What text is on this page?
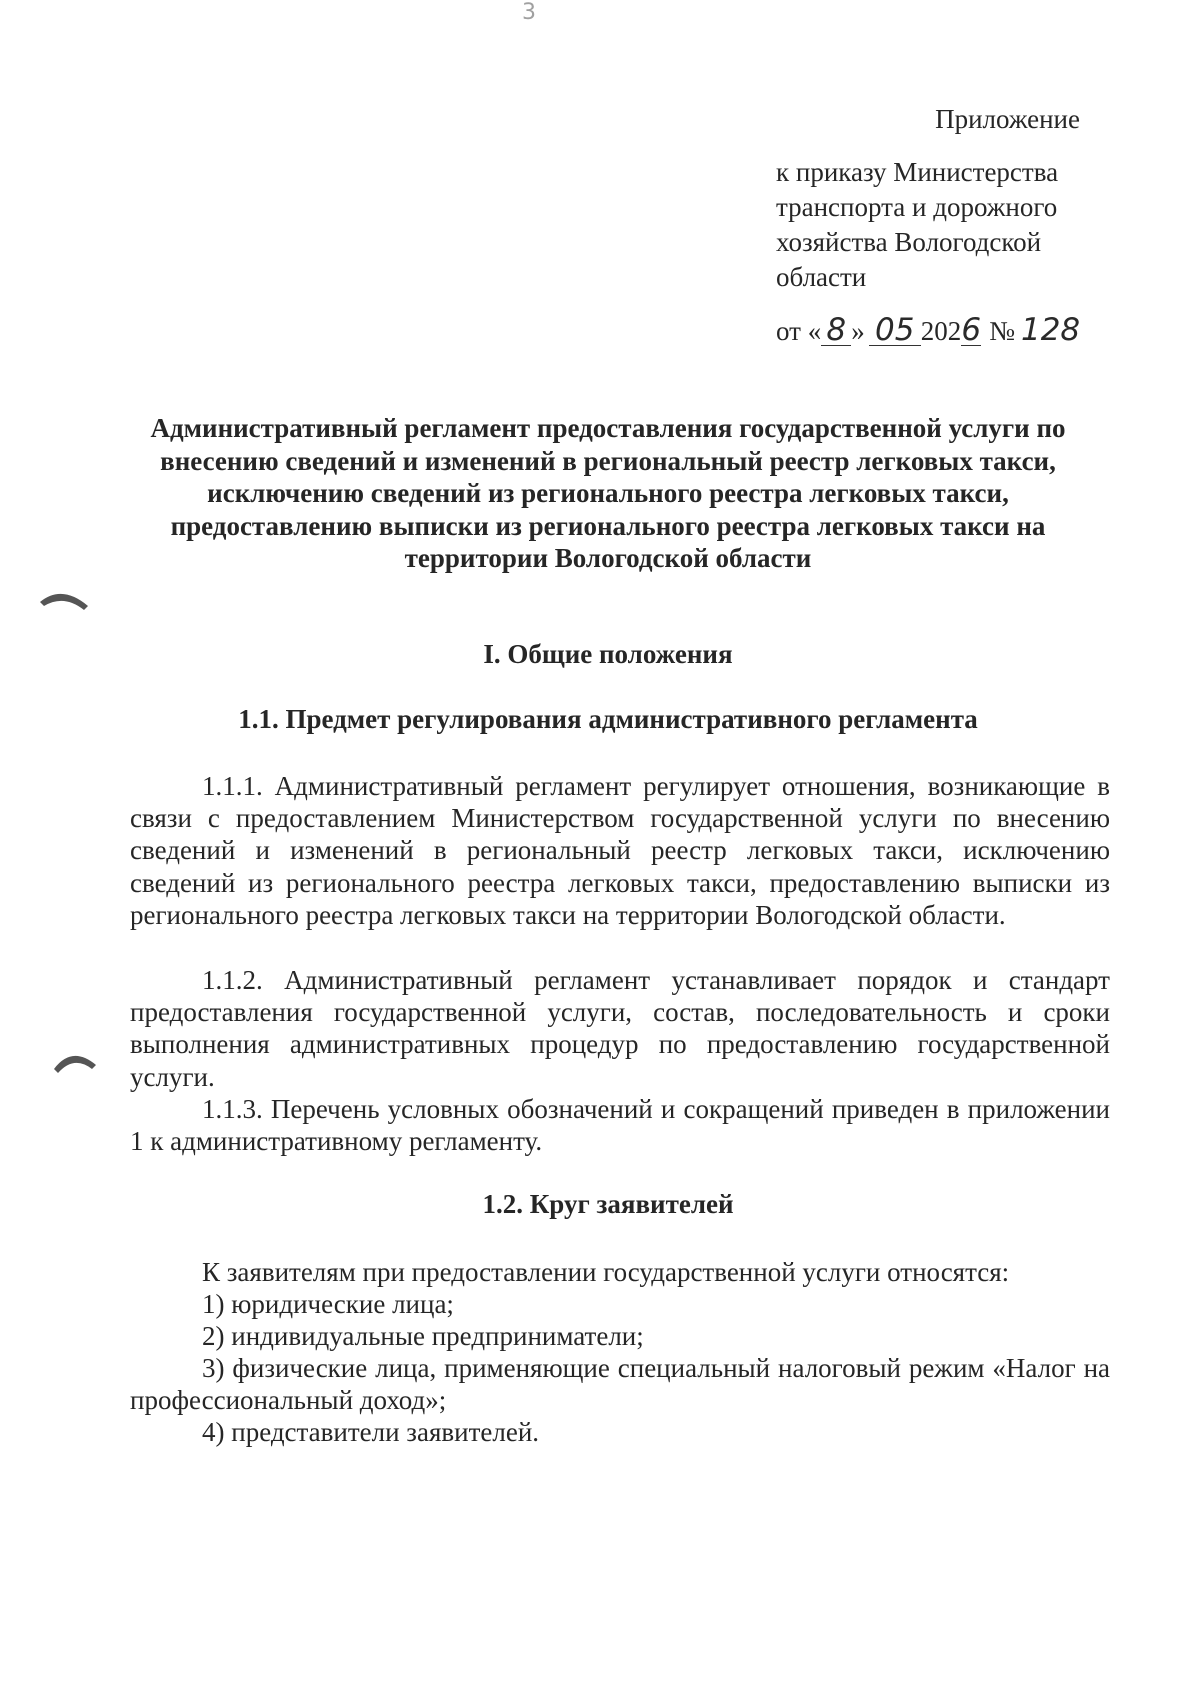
3
Приложение
к приказу Министерства
транспорта и дорожного
хозяйства Вологодской
области
от « 8 » 05 202 6 № 128
Административный регламент предоставления государственной услуги по внесению сведений и изменений в региональный реестр легковых такси, исключению сведений из регионального реестра легковых такси, предоставлению выписки из регионального реестра легковых такси на территории Вологодской области
I. Общие положения
1.1. Предмет регулирования административного регламента
1.1.1. Административный регламент регулирует отношения, возникающие в связи с предоставлением Министерством государственной услуги по внесению сведений и изменений в региональный реестр легковых такси, исключению сведений из регионального реестра легковых такси, предоставлению выписки из регионального реестра легковых такси на территории Вологодской области.
1.1.2. Административный регламент устанавливает порядок и стандарт предоставления государственной услуги, состав, последовательность и сроки выполнения административных процедур по предоставлению государственной услуги.
1.1.3. Перечень условных обозначений и сокращений приведен в приложении 1 к административному регламенту.
1.2. Круг заявителей
К заявителям при предоставлении государственной услуги относятся:
1) юридические лица;
2) индивидуальные предприниматели;
3) физические лица, применяющие специальный налоговый режим «Налог на профессиональный доход»;
4) представители заявителей.
